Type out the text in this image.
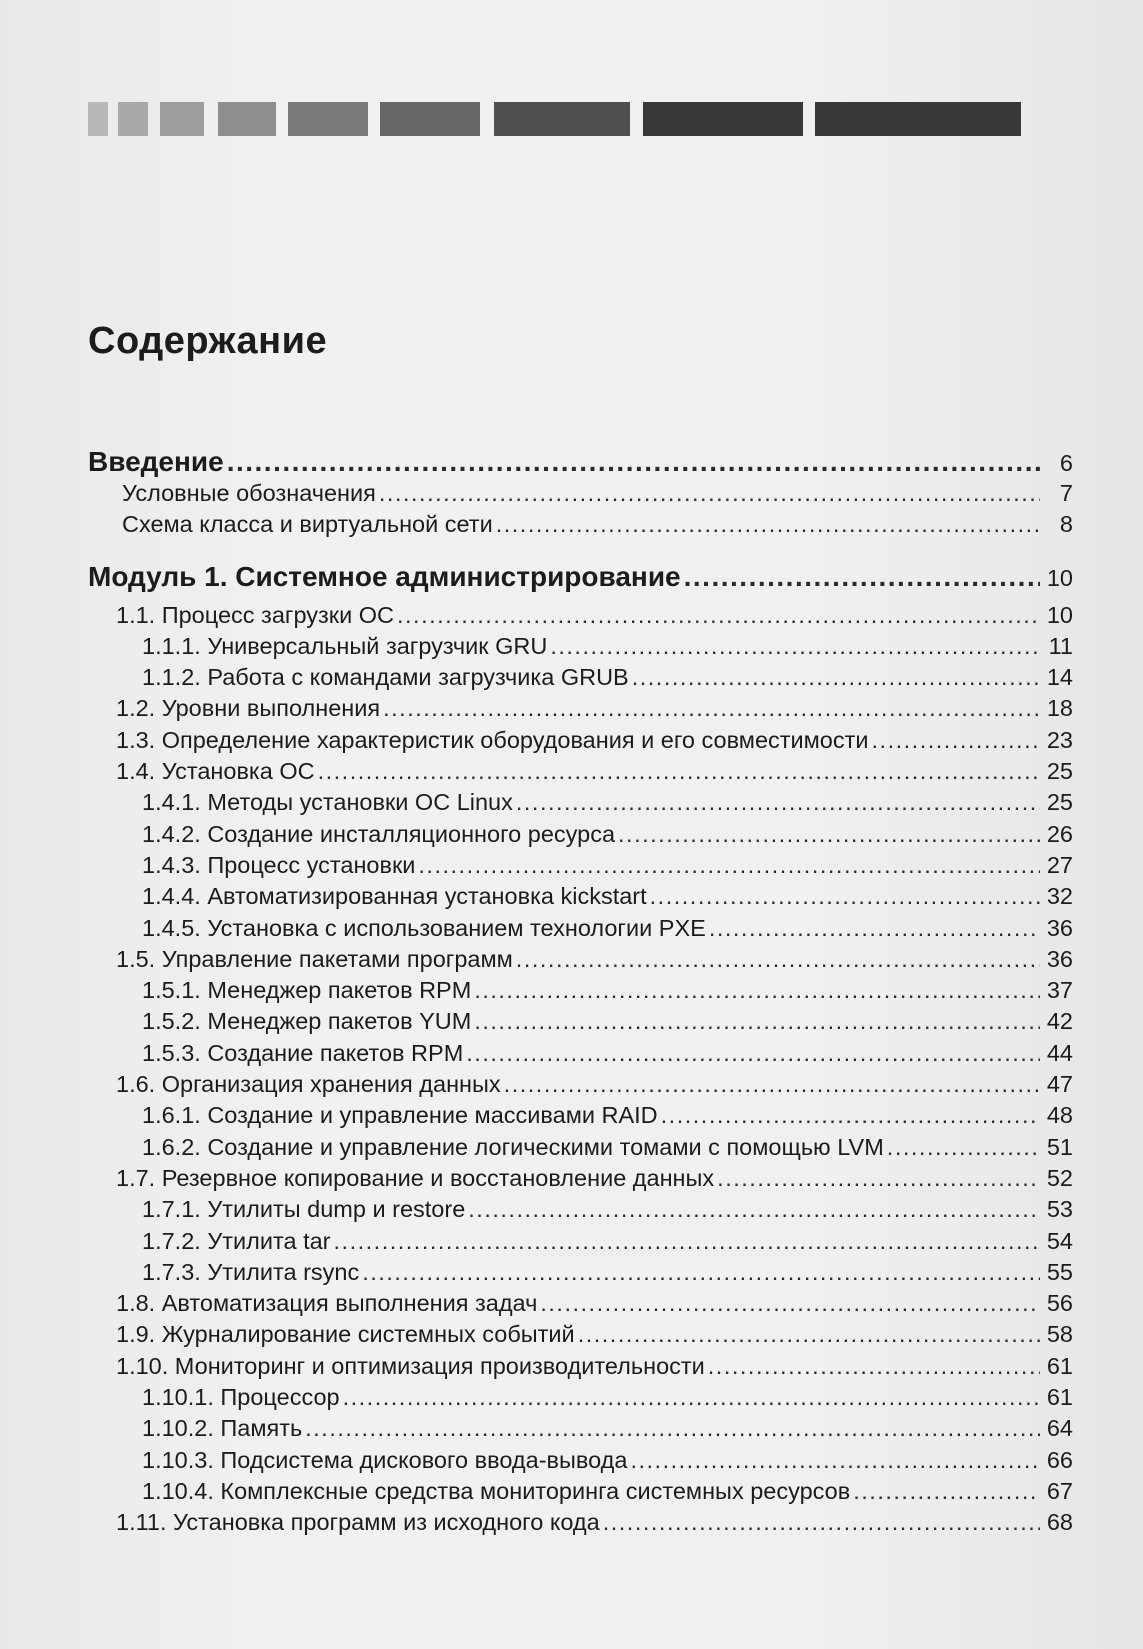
Содержание
Введение .....	6
Условные обозначения .....	7
Схема класса и виртуальной сети .....	8
Модуль 1. Системное администрирование .....	10
1.1. Процесс загрузки ОС .....	10
1.1.1. Универсальный загрузчик GRU .....	11
1.1.2. Работа с командами загрузчика GRUB .....	14
1.2. Уровни выполнения .....	18
1.3. Определение характеристик оборудования и его совместимости .....	23
1.4. Установка ОС .....	25
1.4.1. Методы установки ОС Linux .....	25
1.4.2. Создание инсталляционного ресурса .....	26
1.4.3. Процесс установки .....	27
1.4.4. Автоматизированная установка kickstart .....	32
1.4.5. Установка с использованием технологии PXE .....	36
1.5. Управление пакетами программ .....	36
1.5.1. Менеджер пакетов RPM .....	37
1.5.2. Менеджер пакетов YUM .....	42
1.5.3. Создание пакетов RPM .....	44
1.6. Организация хранения данных .....	47
1.6.1. Создание и управление массивами RAID .....	48
1.6.2. Создание и управление логическими томами с помощью LVM .....	51
1.7. Резервное копирование и восстановление данных .....	52
1.7.1. Утилиты dump и restore .....	53
1.7.2. Утилита tar .....	54
1.7.3. Утилита rsync .....	55
1.8. Автоматизация выполнения задач .....	56
1.9. Журналирование системных событий .....	58
1.10. Мониторинг и оптимизация производительности .....	61
1.10.1. Процессор .....	61
1.10.2. Память .....	64
1.10.3. Подсистема дискового ввода-вывода .....	66
1.10.4. Комплексные средства мониторинга системных ресурсов .....	67
1.11. Установка программ из исходного кода .....	68
